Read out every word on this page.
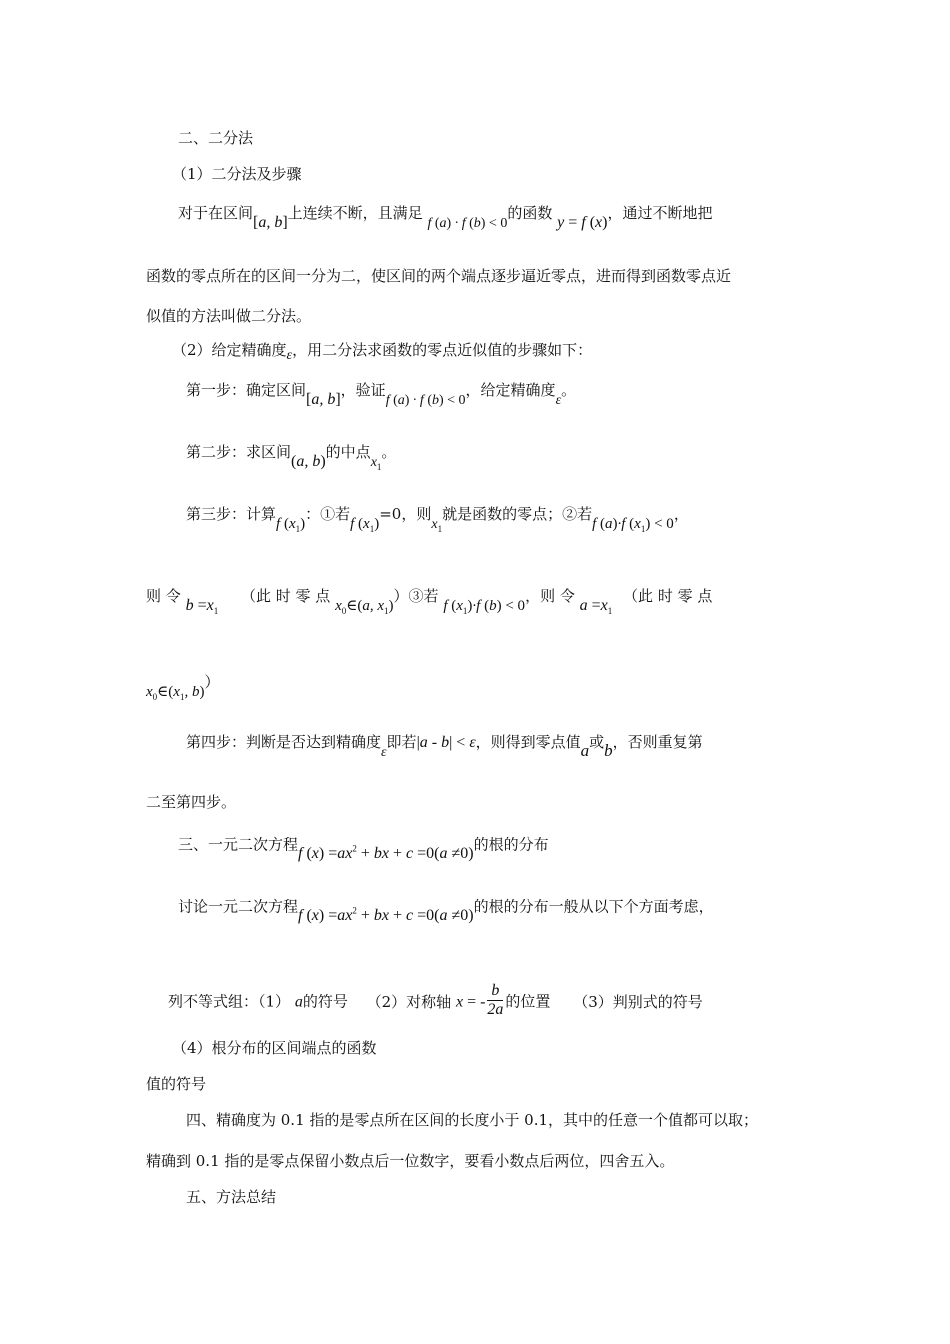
二、二分法
（1）二分法及步骤
对于在区间[a, b]上连续不断，且满足 f (a) · f (b) < 0的函数 y = f (x)，通过不断地把
函数的零点所在的区间一分为二，使区间的两个端点逐步逼近零点，进而得到函数零点近
似值的方法叫做二分法。
（2）给定精确度ε，用二分法求函数的零点近似值的步骤如下：
第一步：确定区间[a, b]，验证f (a) · f (b) < 0，给定精确度ε。
第二步：求区间(a, b)的中点$x_1$。
第三步：计算f $(x_1)$：①若f $(x_1)=0$，则$x_1$就是函数的零点；②若f (a)·f $(x_1) < 0$，
则 令 $b =x_1$ （此 时 零 点 $x_0\in(a$, $x_1))③$若 f $(x_1)\cdot f$ (b) < 0，则 令 $a =x_1$ （此 时 零 点
$x_0\in(x_1$, b)）
第四步：判断是否达到精确度ε即若|a - b| < ε，则得到零点值a或b，否则重复第
二至第四步。
三、一元二次方程f $(x) =ax^2$ + bx + c =0(a ≠0)的根的分布
讨论一元二次方程f $(x) =ax^2$ + bx + c =0(a ≠0)的根的分布一般从以下个方面考虑，
列不等式组：（1） a的符号 （2）对称轴 x = - $\frac{b}{2a}$ 的位置 （3）判别式的符号
（4）根分布的区间端点的函数
值的符号
四、精确度为 0.1 指的是零点所在区间的长度小于 0.1，其中的任意一个值都可以取；
精确到 0.1 指的是零点保留小数点后一位数字，要看小数点后两位，四舍五入。
五、方法总结
